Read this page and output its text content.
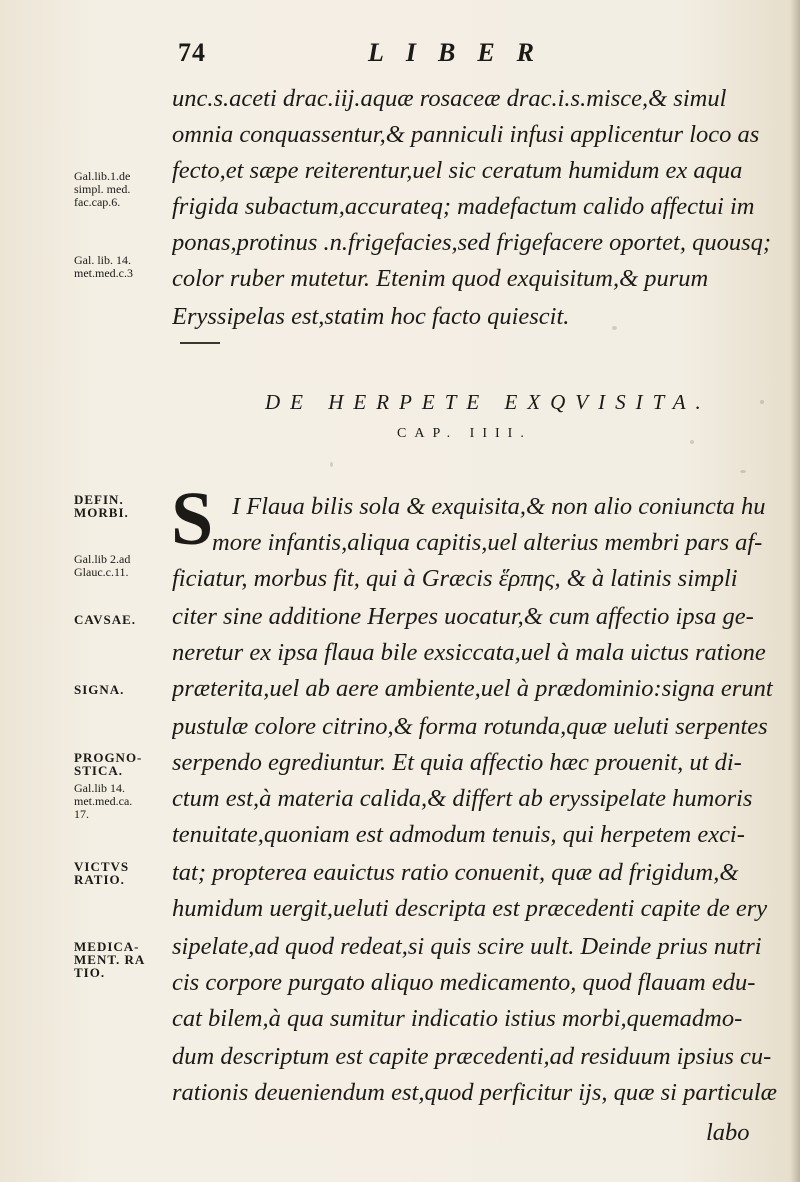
74	LIBER
unc.s.aceti drac.iij.aquæ rosaceæ drac.i.s.misce,& simul
omnia conquassentur,& panniculi infusi applicentur loco as
fecto,et sæpe reiterentur,uel sic ceratum humidum ex aqua
frigida subactum,accurateq; madefactum calido affectui im
ponas,protinus .n.frigefacies,sed frigefacere oportet, quousq;
color ruber mutetur. Etenim quod exquisitum,& purum
Eryssipelas est,statim hoc facto quiescit.
DE HERPETE EXQVISITA.
CAP. IIII.
S I Flaua bilis sola & exquisita,& non alio coniuncta hu
more infantis,aliqua capitis,uel alterius membri pars af-
ficiatur, morbus fit, qui à Græcis ἕρπης, & à latinis simpli
citer sine additione Herpes uocatur,& cum affectio ipsa ge-
neretur ex ipsa flaua bile exsiccata,uel à mala uictus ratione
præterita,uel ab aere ambiente,uel à prædominio:signa erunt
pustulæ colore citrino,& forma rotunda,quæ ueluti serpentes
serpendo egrediuntur. Et quia affectio hæc prouenit, ut di-
ctum est,à materia calida,& differt ab eryssipelate humoris
tenuitate,quoniam est admodum tenuis, qui herpetem exci-
tat; propterea eauictus ratio conuenit, quæ ad frigidum,&
humidum uergit,ueluti descripta est præcedenti capite de ery
sipelate,ad quod redeat,si quis scire uult. Deinde prius nutri
cis corpore purgato aliquo medicamento, quod flauam edu-
cat bilem,à qua sumitur indicatio istius morbi,quemadmo-
dum descriptum est capite præcedenti,ad residuum ipsius cu-
rationis deueniendum est,quod perficitur ijs, quæ si particulæ
labo
Gal.lib.1.de
simpl. med.
fac.cap.6.
Gal. lib. 14.
met.med.c.3
DEFIN.
MORBI.
Gal.lib 2.ad
Glauc.c.11.
CAVSAE.
SIGNA.
PROGNO-
STICA.
Gal.lib 14.
met.med.ca.
17.
VICTVS
RATIO.
MEDICA-
MENT. RA
TIO.
